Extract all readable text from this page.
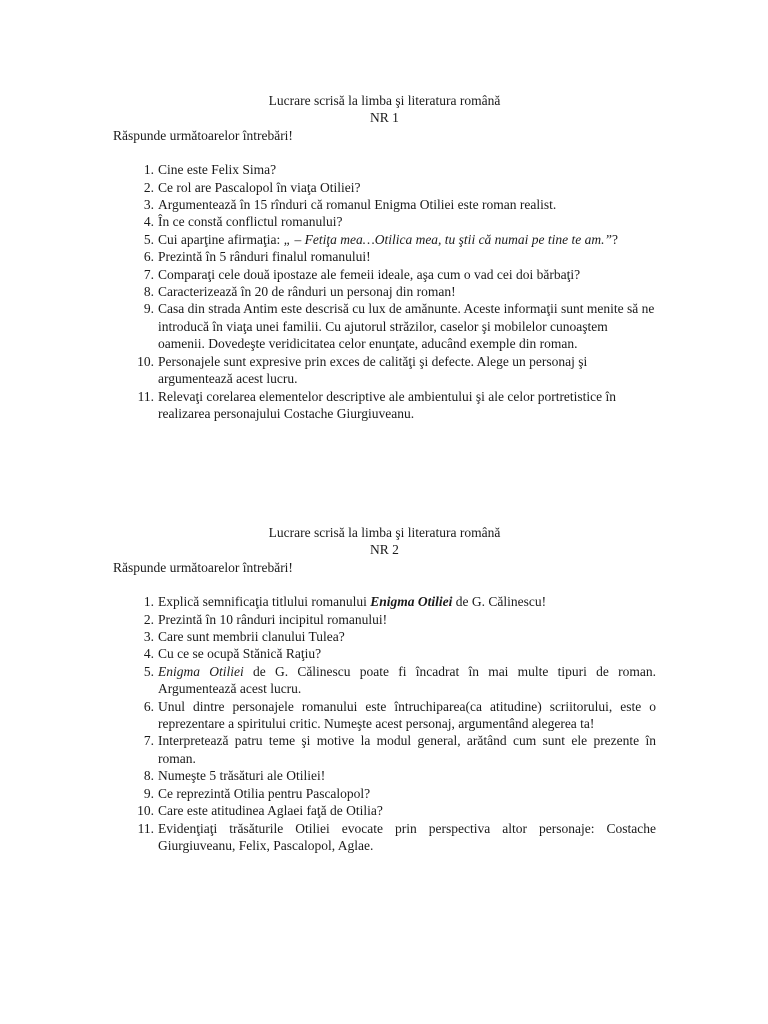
Lucrare scrisă la limba şi literatura română

NR 1

Răspunde următoarelor întrebări!

1. Cine este Felix Sima?
2. Ce rol are Pascalopol în viaţa Otiliei?
3. Argumentează în 15 rînduri că romanul Enigma Otiliei este roman realist.
4. În ce constă conflictul romanului?
5. Cui aparţine afirmaţia: „ – Fetiţa mea…Otilica mea, tu ştii că numai pe tine te am.”?
6. Prezintă în 5 rânduri finalul romanului!
7. Comparaţi cele două ipostaze ale femeii ideale, aşa cum o vad cei doi bărbaţi?
8. Caracterizează în 20 de rânduri un personaj din roman!
9. Casa din strada Antim este descrisă cu lux de amănunte. Aceste informaţii sunt menite să ne introducă în viaţa unei familii. Cu ajutorul străzilor, caselor şi mobilelor cunoaştem oamenii. Dovedeşte veridicitatea celor enunţate, aducând exemple din roman.
10. Personajele sunt expresive prin exces de calităţi şi defecte. Alege un personaj şi argumentează acest lucru.
11. Relevaţi corelarea elementelor descriptive ale ambientului şi ale celor portretistice în realizarea personajului Costache Giurgiuveanu.

Lucrare scrisă la limba şi literatura română

NR 2

Răspunde următoarelor întrebări!

1. Explică semnificaţia titlului romanului Enigma Otiliei de G. Călinescu!
2. Prezintă în 10 rânduri incipitul romanului!
3. Care sunt membrii clanului Tulea?
4. Cu ce se ocupă Stănică Raţiu?
5. Enigma Otiliei de G. Călinescu poate fi încadrat în mai multe tipuri de roman. Argumentează acest lucru.
6. Unul dintre personajele romanului este întruchiparea(ca atitudine) scriitorului, este o reprezentare a spiritului critic. Numeşte acest personaj, argumentând alegerea ta!
7. Interpretează patru teme şi motive la modul general, arătând cum sunt ele prezente în roman.
8. Numeşte 5 trăsături ale Otiliei!
9. Ce reprezintă Otilia pentru Pascalopol?
10. Care este atitudinea Aglaei faţă de Otilia?
11. Evidenţiaţi trăsăturile Otiliei evocate prin perspectiva altor personaje: Costache Giurgiuveanu, Felix, Pascalopol, Aglae.
